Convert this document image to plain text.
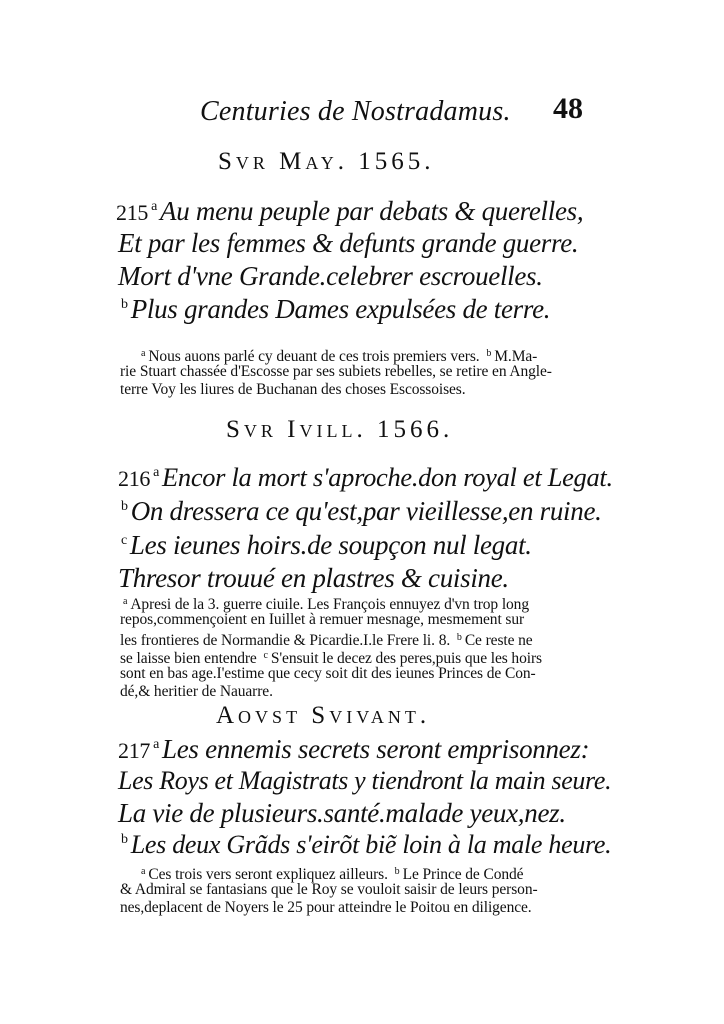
Centuries de Nostradamus. 48
Svr May. 1565.
215 $^a$ Au menu peuple par debats & querelles,
Et par les femmes & defunts grande guerre.
Mort d'vne Grande.celebrer escrouelles.
$^b$ Plus grandes Dames expulsées de terre.
$^a$ Nous auons parlé cy deuant de ces trois premiers vers. $^b$ M.Ma-
rie Stuart chassée d'Escosse par ses subiets rebelles, se retire en Angle-
terre Voy les liures de Buchanan des choses Escossoises.
Svr Ivill. 1566.
216 $^a$ Encor la mort s'aproche.don royal et Legat.
$^b$ On dressera ce qu'est,par vieillesse,en ruine.
$^c$ Les ieunes hoirs.de soupçon nul legat.
Thresor trouué en plastres & cuisine.
$^a$ Apresi de la 3. guerre ciuile. Les François ennuyez d'vn trop long
repos,commençoient en Iuillet à remuer mesnage, mesmement sur
les frontieres de Normandie & Picardie.I.le Frere li. 8. $^b$ Ce reste ne
se laisse bien entendre $^c$ S'ensuit le decez des peres,puis que les hoirs
sont en bas age.I'estime que cecy soit dit des ieunes Princes de Con-
dé,& heritier de Nauarre.
Aovst Svivant.
217 $^a$ Les ennemis secrets seront emprisonnez:
Les Roys et Magistrats y tiendront la main seure.
La vie de plusieurs.santé.malade yeux,nez.
$^b$ Les deux Grãds s'eirõt biẽ loin à la male heure.
$^a$ Ces trois vers seront expliquez ailleurs. $^b$ Le Prince de Condé
& Admiral se fantasians que le Roy se vouloit saisir de leurs person-
nes,deplacent de Noyers le 25 pour atteindre le Poitou en diligence.
